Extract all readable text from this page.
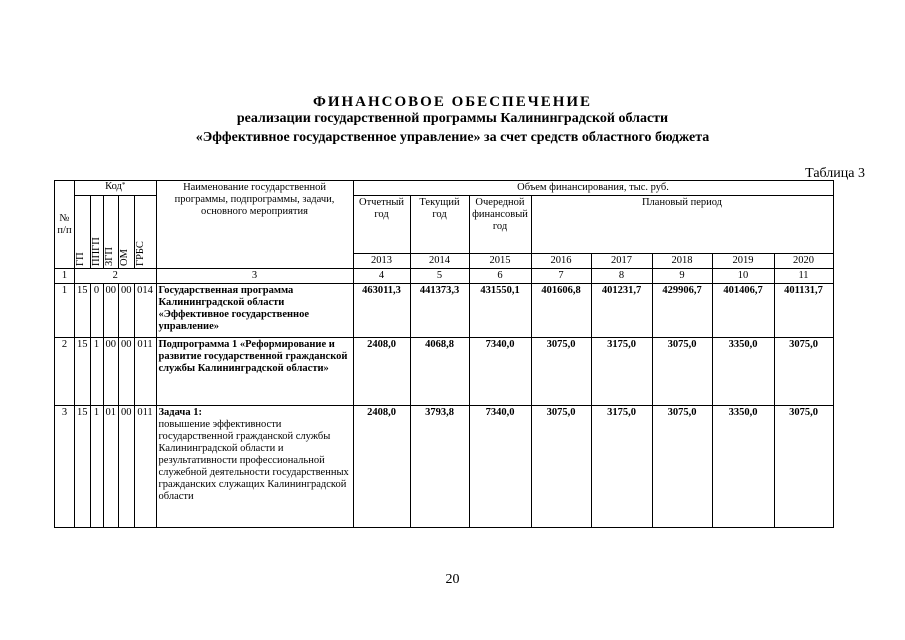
ФИНАНСОВОЕ ОБЕСПЕЧЕНИЕ
реализации государственной программы Калининградской области
«Эффективное государственное управление» за счет средств областного бюджета
Таблица 3
№ п/п	Код*					Наименование государственной программы, подпрограммы, задачи, основного мероприятия	Объем финансирования, тыс. руб.							

	ГП	ППГП	ЗГП	ОМ	ГРБС		Отчетный год	Текущий год	Очередной финансовый год	Плановый период				
							2013	2014	2015	2016	2017	2018	2019	2020
1	2					3	4	5	6	7	8	9	10	11
1	15	0	00	00	014	Государственная программа Калининградской области «Эффективное государственное управление»	463011,3	441373,3	431550,1	401606,8	401231,7	429906,7	401406,7	401131,7
2	15	1	00	00	011	Подпрограмма 1 «Реформирование и развитие государственной гражданской службы Калининградской области»	2408,0	4068,8	7340,0	3075,0	3175,0	3075,0	3350,0	3075,0
3	15	1	01	00	011	Задача 1:
повышение эффективности государственной гражданской службы Калининградской области и результативности профессиональной служебной деятельности государственных гражданских служащих Калининградской области	2408,0	3793,8	7340,0	3075,0	3175,0	3075,0	3350,0	3075,0
20
